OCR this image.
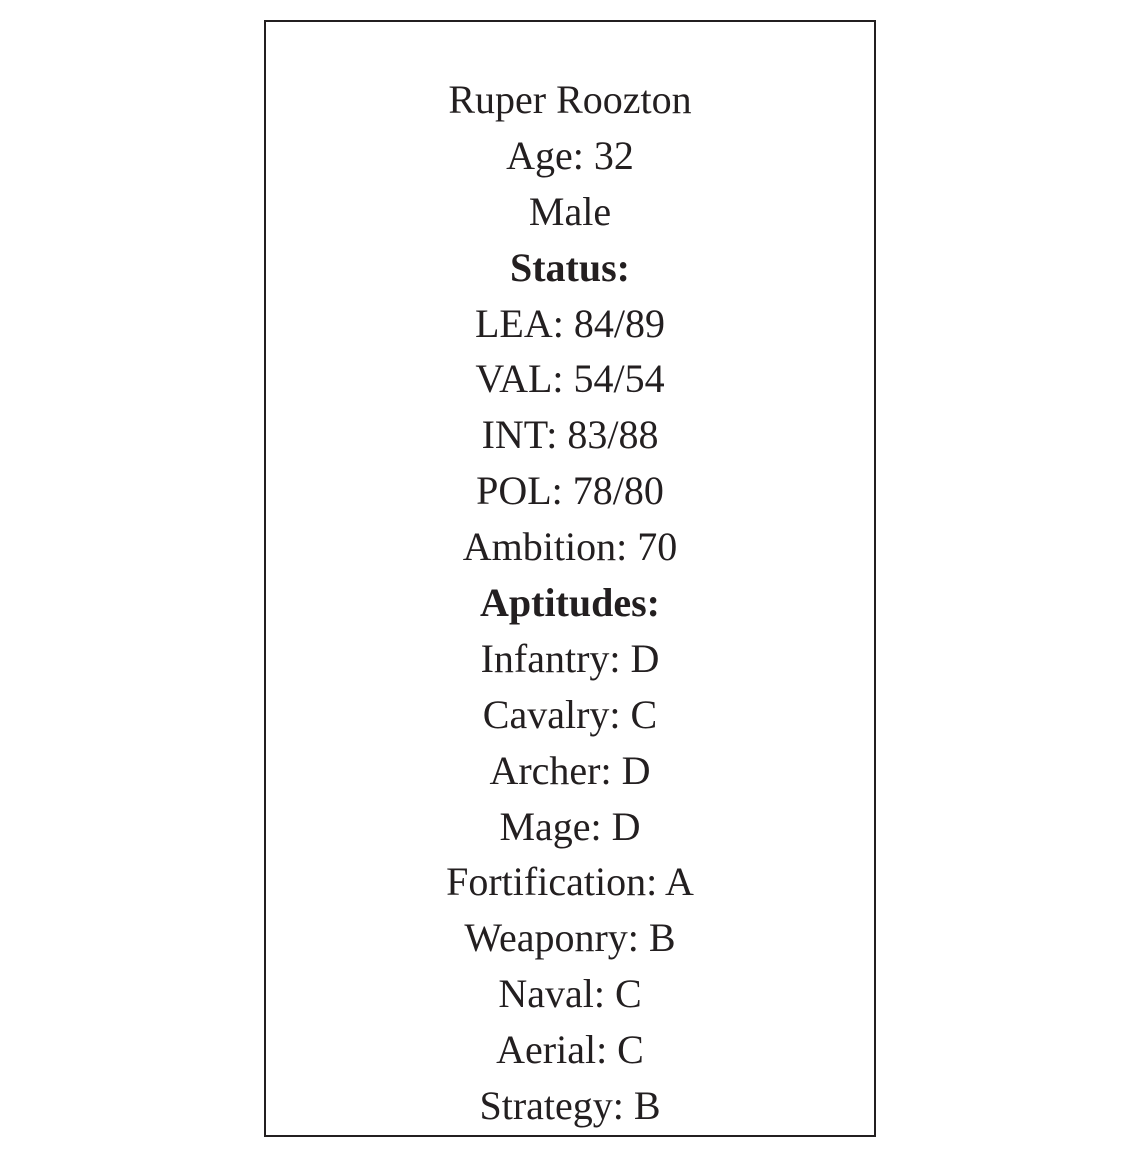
Ruper Roozton
Age: 32
Male
Status:
LEA: 84/89
VAL: 54/54
INT: 83/88
POL: 78/80
Ambition: 70
Aptitudes:
Infantry: D
Cavalry: C
Archer: D
Mage: D
Fortification: A
Weaponry: B
Naval: C
Aerial: C
Strategy: B
